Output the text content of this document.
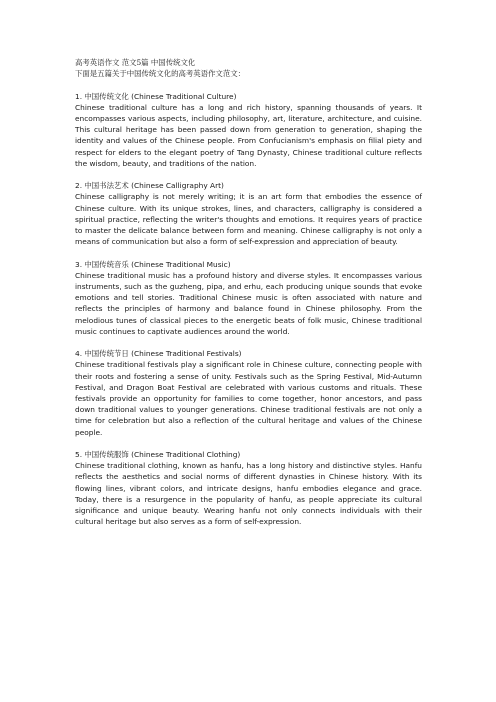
高考英语作文 范文5篇 中国传统文化

下面是五篇关于中国传统文化的高考英语作文范文：

1. 中国传统文化 (Chinese Traditional Culture)

Chinese traditional culture has a long and rich history, spanning thousands of years. It encompasses various aspects, including philosophy, art, literature, architecture, and cuisine. This cultural heritage has been passed down from generation to generation, shaping the identity and values of the Chinese people. From Confucianism's emphasis on filial piety and respect for elders to the elegant poetry of Tang Dynasty, Chinese traditional culture reflects the wisdom, beauty, and traditions of the nation.

2. 中国书法艺术 (Chinese Calligraphy Art)

Chinese calligraphy is not merely writing; it is an art form that embodies the essence of Chinese culture. With its unique strokes, lines, and characters, calligraphy is considered a spiritual practice, reflecting the writer's thoughts and emotions. It requires years of practice to master the delicate balance between form and meaning. Chinese calligraphy is not only a means of communication but also a form of self-expression and appreciation of beauty.

3. 中国传统音乐 (Chinese Traditional Music)

Chinese traditional music has a profound history and diverse styles. It encompasses various instruments, such as the guzheng, pipa, and erhu, each producing unique sounds that evoke emotions and tell stories. Traditional Chinese music is often associated with nature and reflects the principles of harmony and balance found in Chinese philosophy. From the melodious tunes of classical pieces to the energetic beats of folk music, Chinese traditional music continues to captivate audiences around the world.

4. 中国传统节日 (Chinese Traditional Festivals)

Chinese traditional festivals play a significant role in Chinese culture, connecting people with their roots and fostering a sense of unity. Festivals such as the Spring Festival, Mid-Autumn Festival, and Dragon Boat Festival are celebrated with various customs and rituals. These festivals provide an opportunity for families to come together, honor ancestors, and pass down traditional values to younger generations. Chinese traditional festivals are not only a time for celebration but also a reflection of the cultural heritage and values of the Chinese people.

5. 中国传统服饰 (Chinese Traditional Clothing)

Chinese traditional clothing, known as hanfu, has a long history and distinctive styles. Hanfu reflects the aesthetics and social norms of different dynasties in Chinese history. With its flowing lines, vibrant colors, and intricate designs, hanfu embodies elegance and grace. Today, there is a resurgence in the popularity of hanfu, as people appreciate its cultural significance and unique beauty. Wearing hanfu not only connects individuals with their cultural heritage but also serves as a form of self-expression.
